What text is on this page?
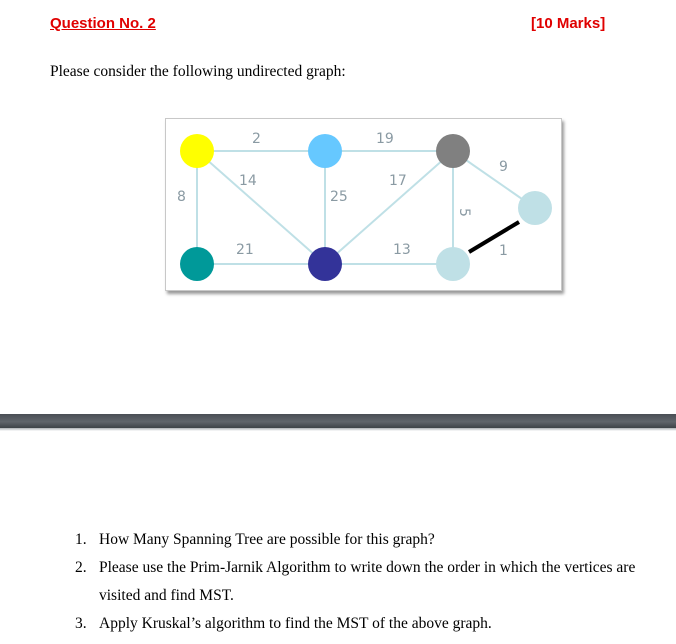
Question No. 2	[10 Marks]
Please consider the following undirected graph:
2
8
14
21
25
19
17
13
5
9
1
1. How Many Spanning Tree are possible for this graph?
2. Please use the Prim-Jarnik Algorithm to write down the order in which the vertices are
visited and find MST.
3. Apply Kruskal’s algorithm to find the MST of the above graph.
